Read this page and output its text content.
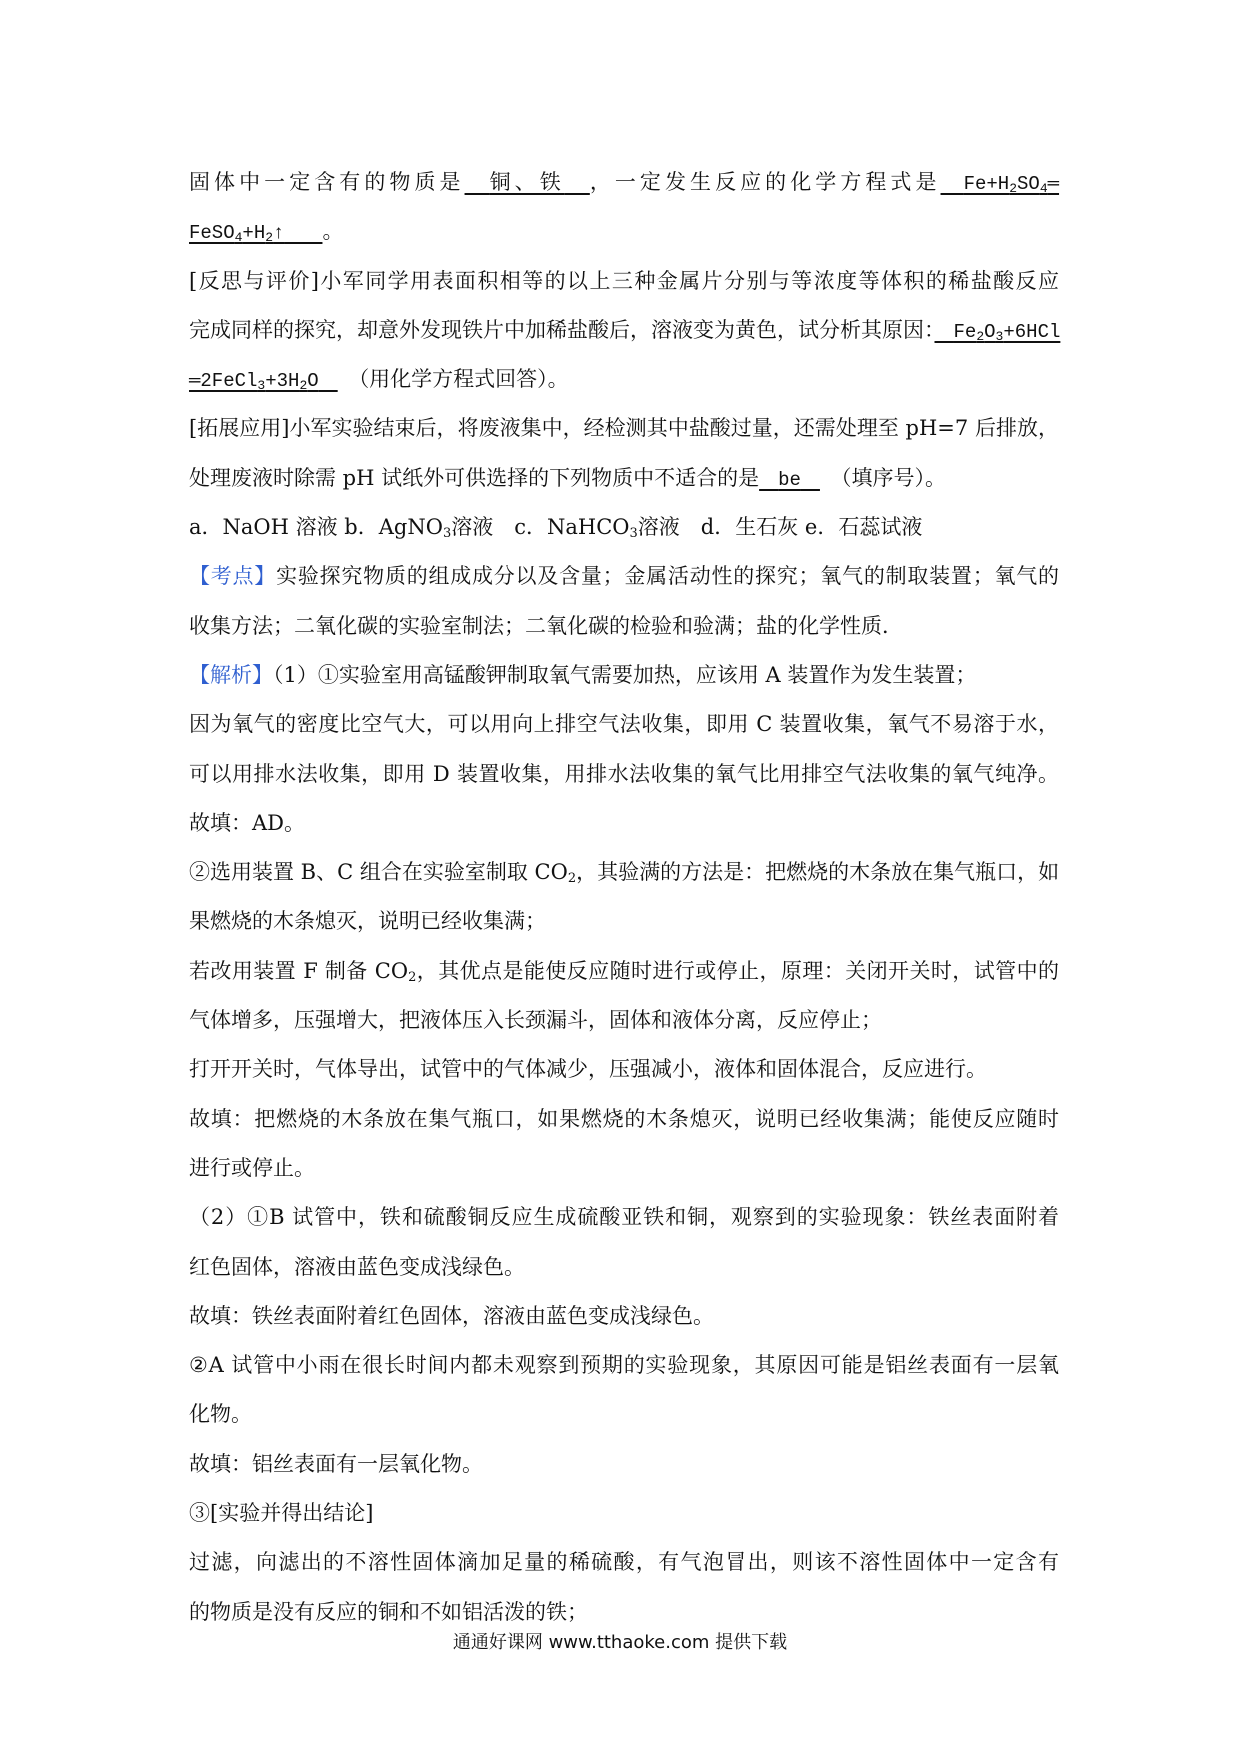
固体中一定含有的物质是　 铜、铁　 ，一定发生反应的化学方程式是　 $Fe+H_2SO_4═$
$FeSO_4+H_2↑$　　 。
[反思与评价]小军同学用表面积相等的以上三种金属片分别与等浓度等体积的稀盐酸反应
完成同样的探究，却意外发现铁片中加稀盐酸后，溶液变为黄色，试分析其原因：　 $Fe_2O_3+6HCl$
$═2FeCl_3+3H_2O$　　 （用化学方程式回答）。
[拓展应用]小军实验结束后，将废液集中，经检测其中盐酸过量，还需处理至 pH=7 后排放，
处理废液时除需 pH 试纸外可供选择的下列物质中不适合的是　 be　　 （填序号）。
a．NaOH 溶液 b．AgNO$_3$溶液　c．NaHCO$_3$溶液　d．生石灰 e．石蕊试液
【考点】实验探究物质的组成成分以及含量；金属活动性的探究；氧气的制取装置；氧气的
收集方法；二氧化碳的实验室制法；二氧化碳的检验和验满；盐的化学性质．
【解析】（1）①实验室用高锰酸钾制取氧气需要加热，应该用 A 装置作为发生装置；
因为氧气的密度比空气大，可以用向上排空气法收集，即用 C 装置收集，氧气不易溶于水，
可以用排水法收集，即用 D 装置收集，用排水法收集的氧气比用排空气法收集的氧气纯净。
故填：AD。
②选用装置 B、C 组合在实验室制取 $CO_2$，其验满的方法是：把燃烧的木条放在集气瓶口，如
果燃烧的木条熄灭，说明已经收集满；
若改用装置 F 制备 $CO_2$，其优点是能使反应随时进行或停止，原理：关闭开关时，试管中的
气体增多，压强增大，把液体压入长颈漏斗，固体和液体分离，反应停止；
打开开关时，气体导出，试管中的气体减少，压强减小，液体和固体混合，反应进行。
故填：把燃烧的木条放在集气瓶口，如果燃烧的木条熄灭，说明已经收集满；能使反应随时
进行或停止。
（2）①B 试管中，铁和硫酸铜反应生成硫酸亚铁和铜，观察到的实验现象：铁丝表面附着
红色固体，溶液由蓝色变成浅绿色。
故填：铁丝表面附着红色固体，溶液由蓝色变成浅绿色。
②A 试管中小雨在很长时间内都未观察到预期的实验现象，其原因可能是铝丝表面有一层氧
化物。
故填：铝丝表面有一层氧化物。
③[实验并得出结论]
过滤，向滤出的不溶性固体滴加足量的稀硫酸，有气泡冒出，则该不溶性固体中一定含有
的物质是没有反应的铜和不如铝活泼的铁；
通通好课网 www.tthaoke.com 提供下载
